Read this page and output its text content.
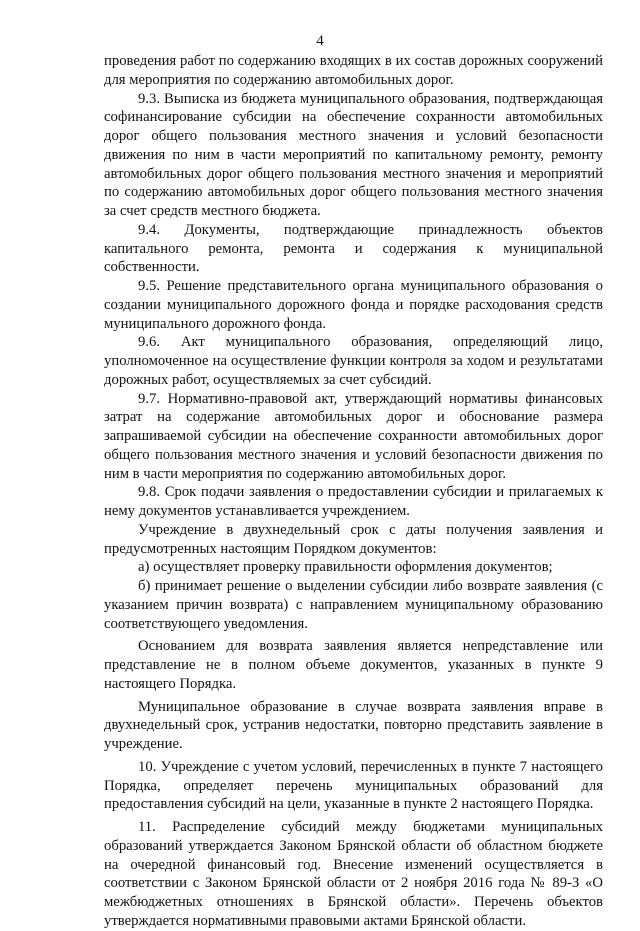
4

проведения работ по содержанию входящих в их состав дорожных сооружений для мероприятия по содержанию автомобильных дорог.

9.3. Выписка из бюджета муниципального образования, подтверждающая софинансирование субсидии на обеспечение сохранности автомобильных дорог общего пользования местного значения и условий безопасности движения по ним в части мероприятий по капитальному ремонту, ремонту автомобильных дорог общего пользования местного значения и мероприятий по содержанию автомобильных дорог общего пользования местного значения за счет средств местного бюджета.

9.4. Документы, подтверждающие принадлежность объектов капитального ремонта, ремонта и содержания к муниципальной собственности.

9.5. Решение представительного органа муниципального образования о создании муниципального дорожного фонда и порядке расходования средств муниципального дорожного фонда.

9.6. Акт муниципального образования, определяющий лицо, уполномоченное на осуществление функции контроля за ходом и результатами дорожных работ, осуществляемых за счет субсидий.

9.7. Нормативно-правовой акт, утверждающий нормативы финансовых затрат на содержание автомобильных дорог и обоснование размера запрашиваемой субсидии на обеспечение сохранности автомобильных дорог общего пользования местного значения и условий безопасности движения по ним в части мероприятия по содержанию автомобильных дорог.

9.8. Срок подачи заявления о предоставлении субсидии и прилагаемых к нему документов устанавливается учреждением.

Учреждение в двухнедельный срок с даты получения заявления и предусмотренных настоящим Порядком документов:

а) осуществляет проверку правильности оформления документов;

б) принимает решение о выделении субсидии либо возврате заявления (с указанием причин возврата) с направлением муниципальному образованию соответствующего уведомления.

Основанием для возврата заявления является непредставление или представление не в полном объеме документов, указанных в пункте 9 настоящего Порядка.

Муниципальное образование в случае возврата заявления вправе в двухнедельный срок, устранив недостатки, повторно представить заявление в учреждение.

10. Учреждение с учетом условий, перечисленных в пункте 7 настоящего Порядка, определяет перечень муниципальных образований для предоставления субсидий на цели, указанные в пункте 2 настоящего Порядка.

11. Распределение субсидий между бюджетами муниципальных образований утверждается Законом Брянской области об областном бюджете на очередной финансовый год. Внесение изменений осуществляется в соответствии с Законом Брянской области от 2 ноября 2016 года № 89-З «О межбюджетных отношениях в Брянской области». Перечень объектов утверждается нормативными правовыми актами Брянской области.
